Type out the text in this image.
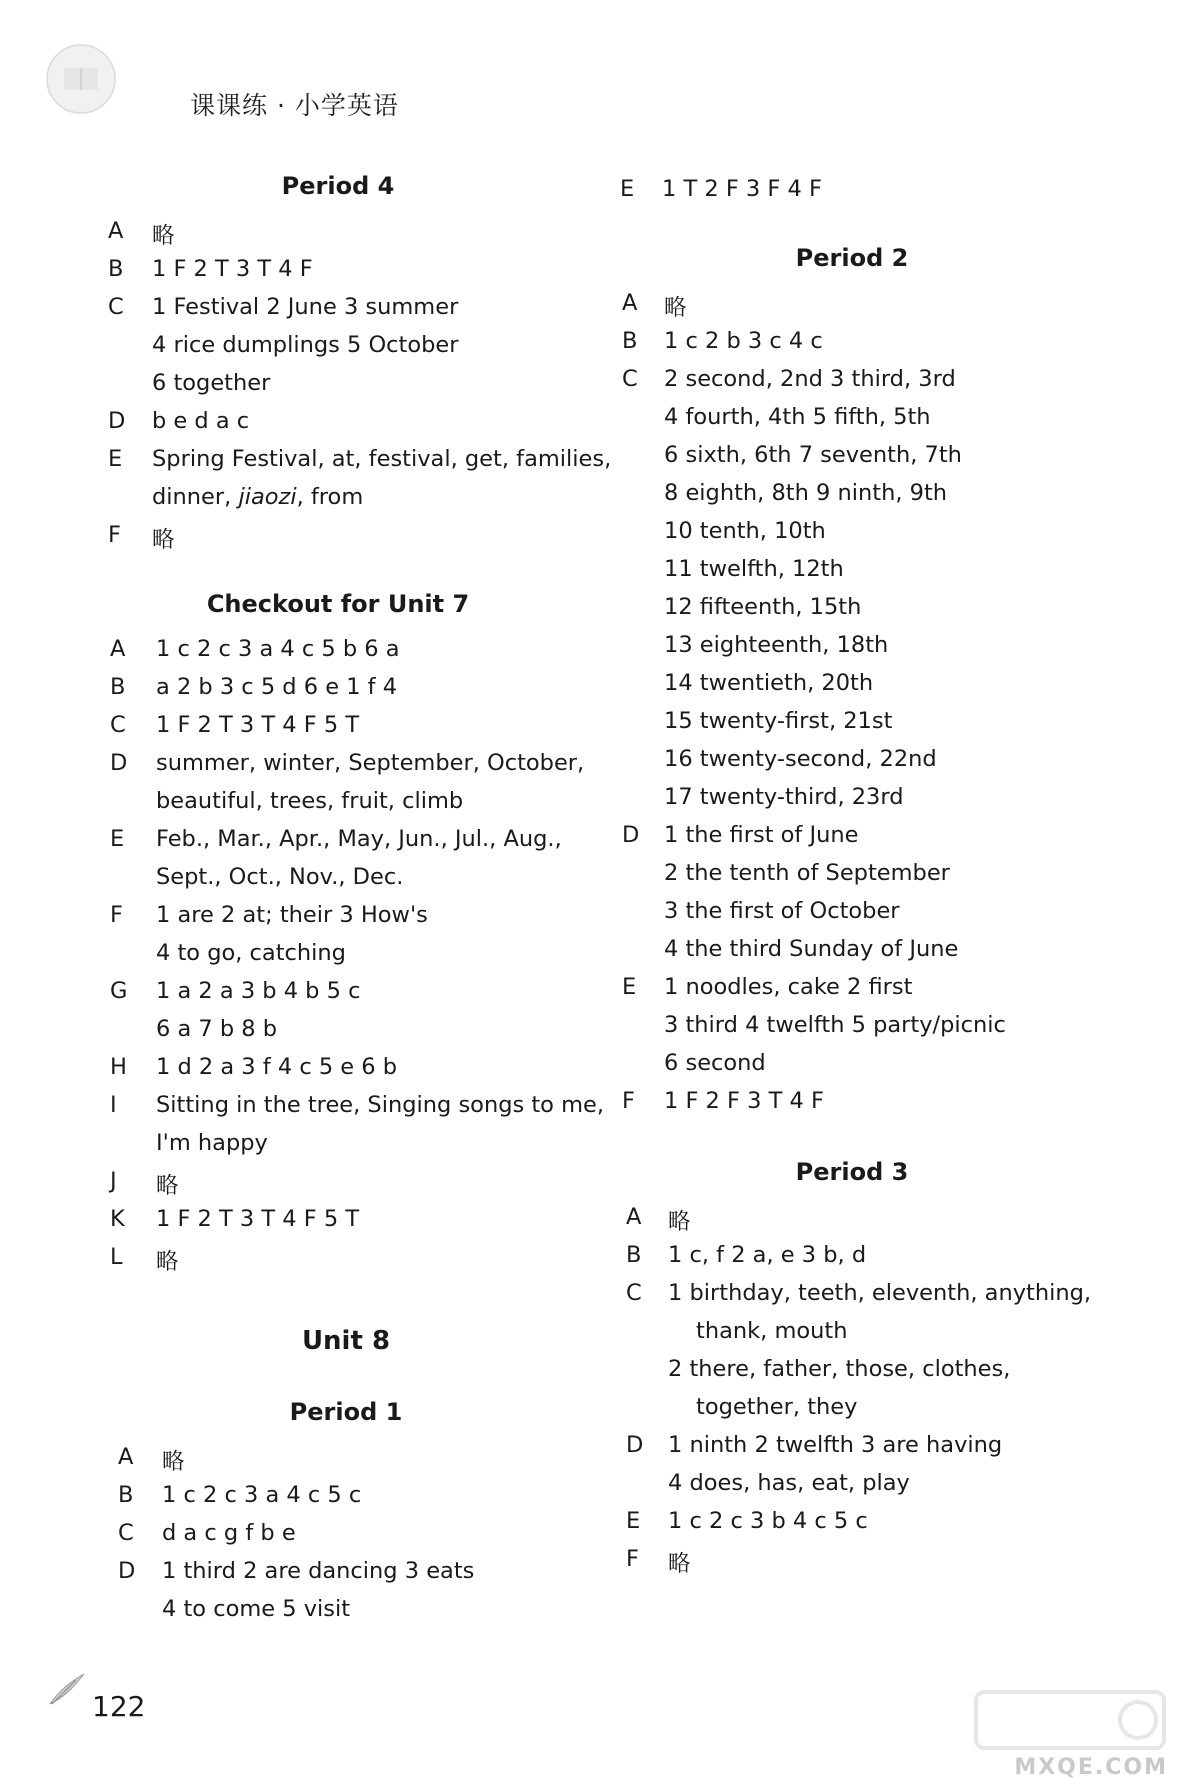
课课练 · 小学英语
Period 4
A 略
B 1 F 2 T 3 T 4 F
C 1 Festival 2 June 3 summer
4 rice dumplings 5 October
6 together
D b e d a c
E Spring Festival, at, festival, get, families,
dinner, jiaozi, from
F 略
Checkout for Unit 7
A 1 c 2 c 3 a 4 c 5 b 6 a
B a 2 b 3 c 5 d 6 e 1 f 4
C 1 F 2 T 3 T 4 F 5 T
D summer, winter, September, October,
beautiful, trees, fruit, climb
E Feb., Mar., Apr., May, Jun., Jul., Aug.,
Sept., Oct., Nov., Dec.
F 1 are 2 at; their 3 How's
4 to go, catching
G 1 a 2 a 3 b 4 b 5 c
6 a 7 b 8 b
H 1 d 2 a 3 f 4 c 5 e 6 b
I Sitting in the tree, Singing songs to me,
I'm happy
J 略
K 1 F 2 T 3 T 4 F 5 T
L 略
Unit 8
Period 1
A 略
B 1 c 2 c 3 a 4 c 5 c
C d a c g f b e
D 1 third 2 are dancing 3 eats
4 to come 5 visit
E 1 T 2 F 3 F 4 F
Period 2
A 略
B 1 c 2 b 3 c 4 c
C 2 second, 2nd 3 third, 3rd
4 fourth, 4th 5 fifth, 5th
6 sixth, 6th 7 seventh, 7th
8 eighth, 8th 9 ninth, 9th
10 tenth, 10th
11 twelfth, 12th
12 fifteenth, 15th
13 eighteenth, 18th
14 twentieth, 20th
15 twenty-first, 21st
16 twenty-second, 22nd
17 twenty-third, 23rd
D 1 the first of June
2 the tenth of September
3 the first of October
4 the third Sunday of June
E 1 noodles, cake 2 first
3 third 4 twelfth 5 party/picnic
6 second
F 1 F 2 F 3 T 4 F
Period 3
A 略
B 1 c, f 2 a, e 3 b, d
C 1 birthday, teeth, eleventh, anything,
thank, mouth
2 there, father, those, clothes,
together, they
D 1 ninth 2 twelfth 3 are having
4 does, has, eat, play
E 1 c 2 c 3 b 4 c 5 c
F 略
122
MXQE.COM
